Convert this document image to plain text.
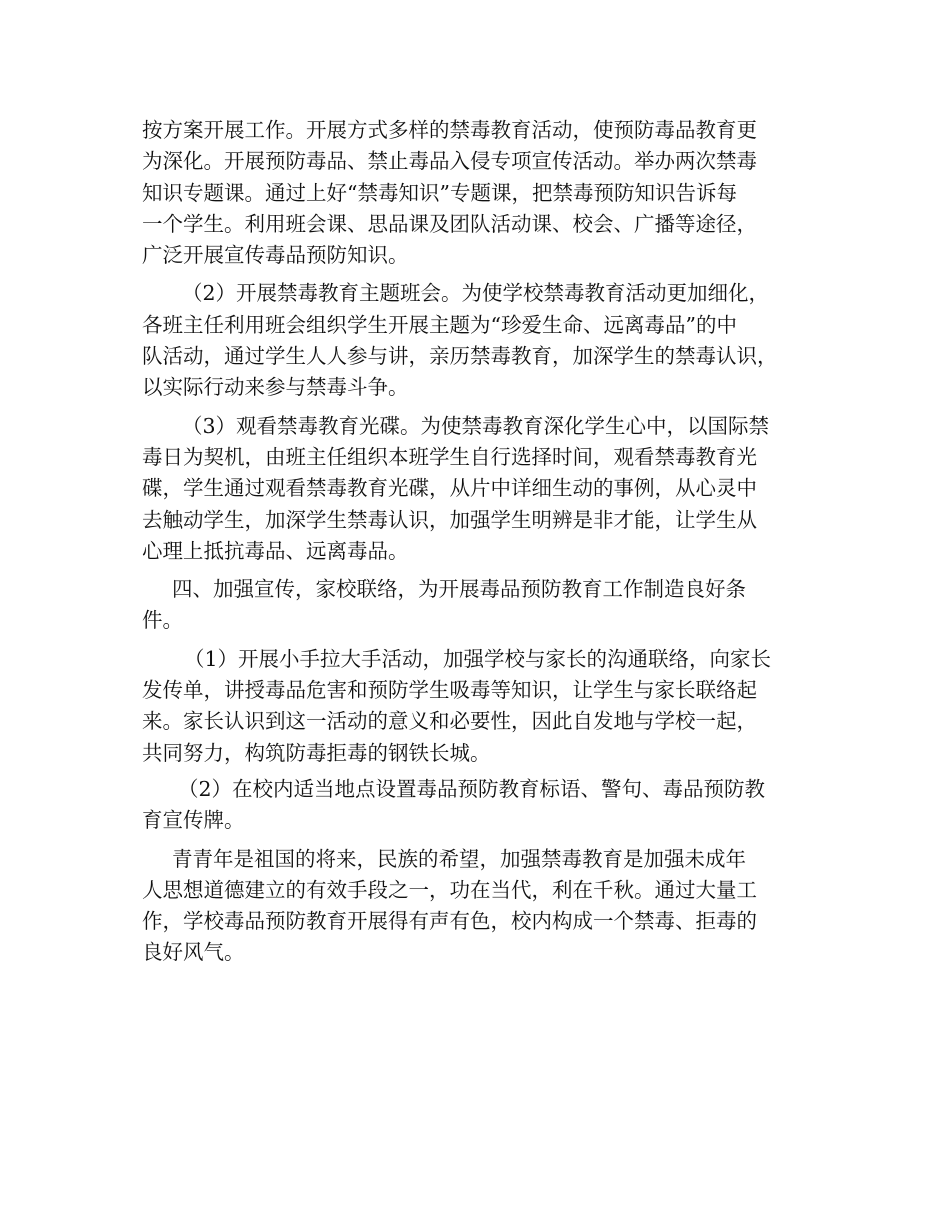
按方案开展工作。开展方式多样的禁毒教育活动，使预防毒品教育更
为深化。开展预防毒品、禁止毒品入侵专项宣传活动。举办两次禁毒
知识专题课。通过上好“禁毒知识”专题课，把禁毒预防知识告诉每
一个学生。利用班会课、思品课及团队活动课、校会、广播等途径，
广泛开展宣传毒品预防知识。
（2）开展禁毒教育主题班会。为使学校禁毒教育活动更加细化，
各班主任利用班会组织学生开展主题为“珍爱生命、远离毒品”的中
队活动，通过学生人人参与讲，亲历禁毒教育，加深学生的禁毒认识，
以实际行动来参与禁毒斗争。
（3）观看禁毒教育光碟。为使禁毒教育深化学生心中，以国际禁
毒日为契机，由班主任组织本班学生自行选择时间，观看禁毒教育光
碟，学生通过观看禁毒教育光碟，从片中详细生动的事例，从心灵中
去触动学生，加深学生禁毒认识，加强学生明辨是非才能，让学生从
心理上抵抗毒品、远离毒品。
四、加强宣传，家校联络，为开展毒品预防教育工作制造良好条
件。
（1）开展小手拉大手活动，加强学校与家长的沟通联络，向家长
发传单，讲授毒品危害和预防学生吸毒等知识，让学生与家长联络起
来。家长认识到这一活动的意义和必要性，因此自发地与学校一起，
共同努力，构筑防毒拒毒的钢铁长城。
（2）在校内适当地点设置毒品预防教育标语、警句、毒品预防教
育宣传牌。
青青年是祖国的将来，民族的希望，加强禁毒教育是加强未成年
人思想道德建立的有效手段之一，功在当代，利在千秋。通过大量工
作，学校毒品预防教育开展得有声有色，校内构成一个禁毒、拒毒的
良好风气。
